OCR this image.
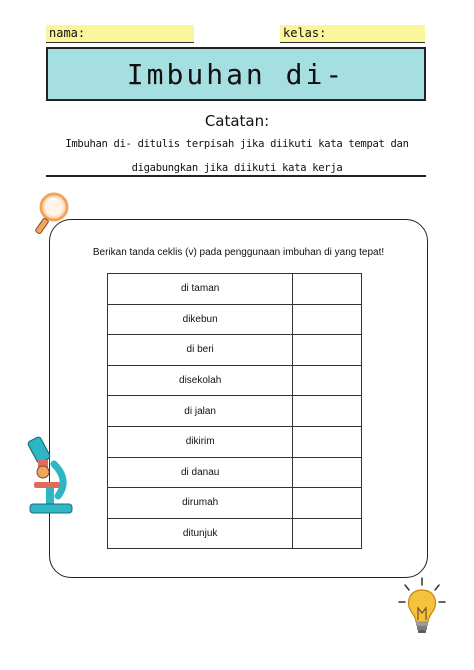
nama:	kelas:
Imbuhan di-
Catatan:
Imbuhan di- ditulis terpisah jika diikuti kata tempat dan
digabungkan jika diikuti kata kerja
Berikan tanda ceklis (v) pada penggunaan imbuhan di yang tepat!
di taman	
dikebun	
di beri	
disekolah	
di jalan	
dikirim	
di danau	
dirumah	
ditunjuk	
